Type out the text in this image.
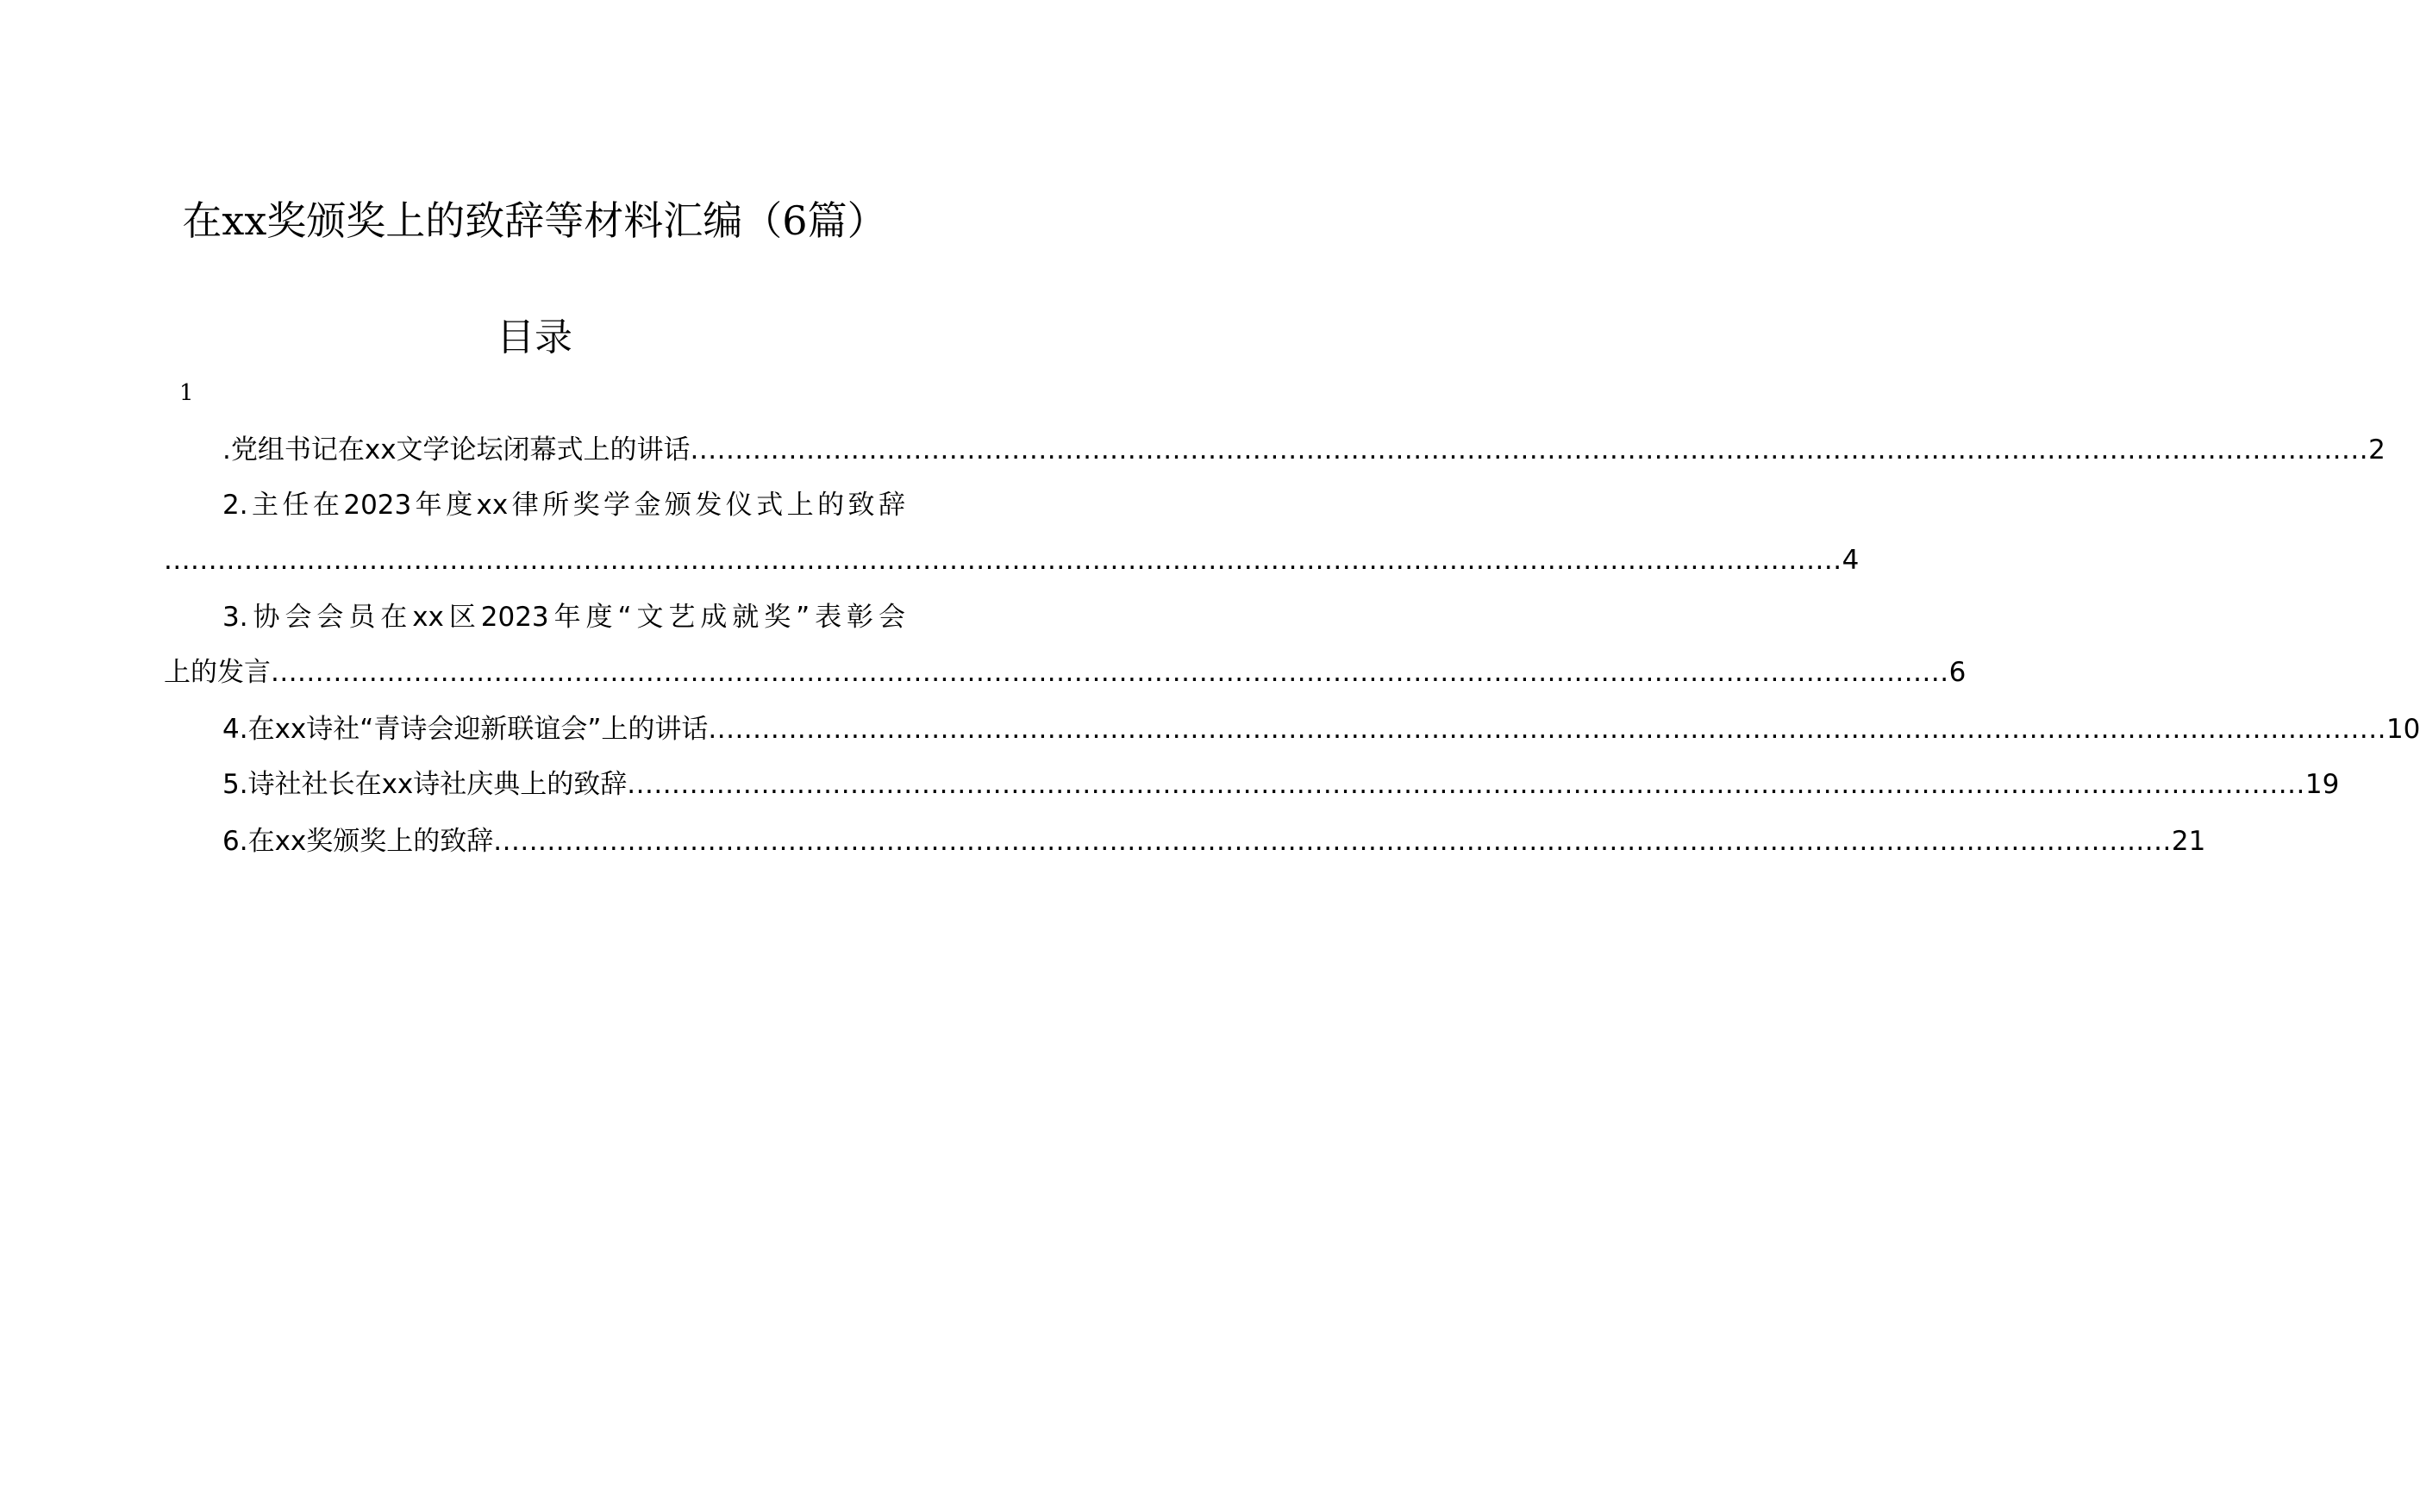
在xx奖颁奖上的致辞等材料汇编（6篇）
目录
1
.党组书记在xx文学论坛闭幕式上的讲话 ............................................................................................................................................................................................ 2
2.主任在2023年度xx律所奖学金颁发仪式上的致辞
............................................................................................................................................................................................ 4
3.协会会员在xx区2023年度“文艺成就奖”表彰会
上的发言 ............................................................................................................................................................................................ 6
4.在xx诗社“青诗会迎新联谊会”上的讲话 ............................................................................................................................................................................................ 10
5.诗社社长在xx诗社庆典上的致辞 ............................................................................................................................................................................................ 19
6.在xx奖颁奖上的致辞 ............................................................................................................................................................................................ 21
